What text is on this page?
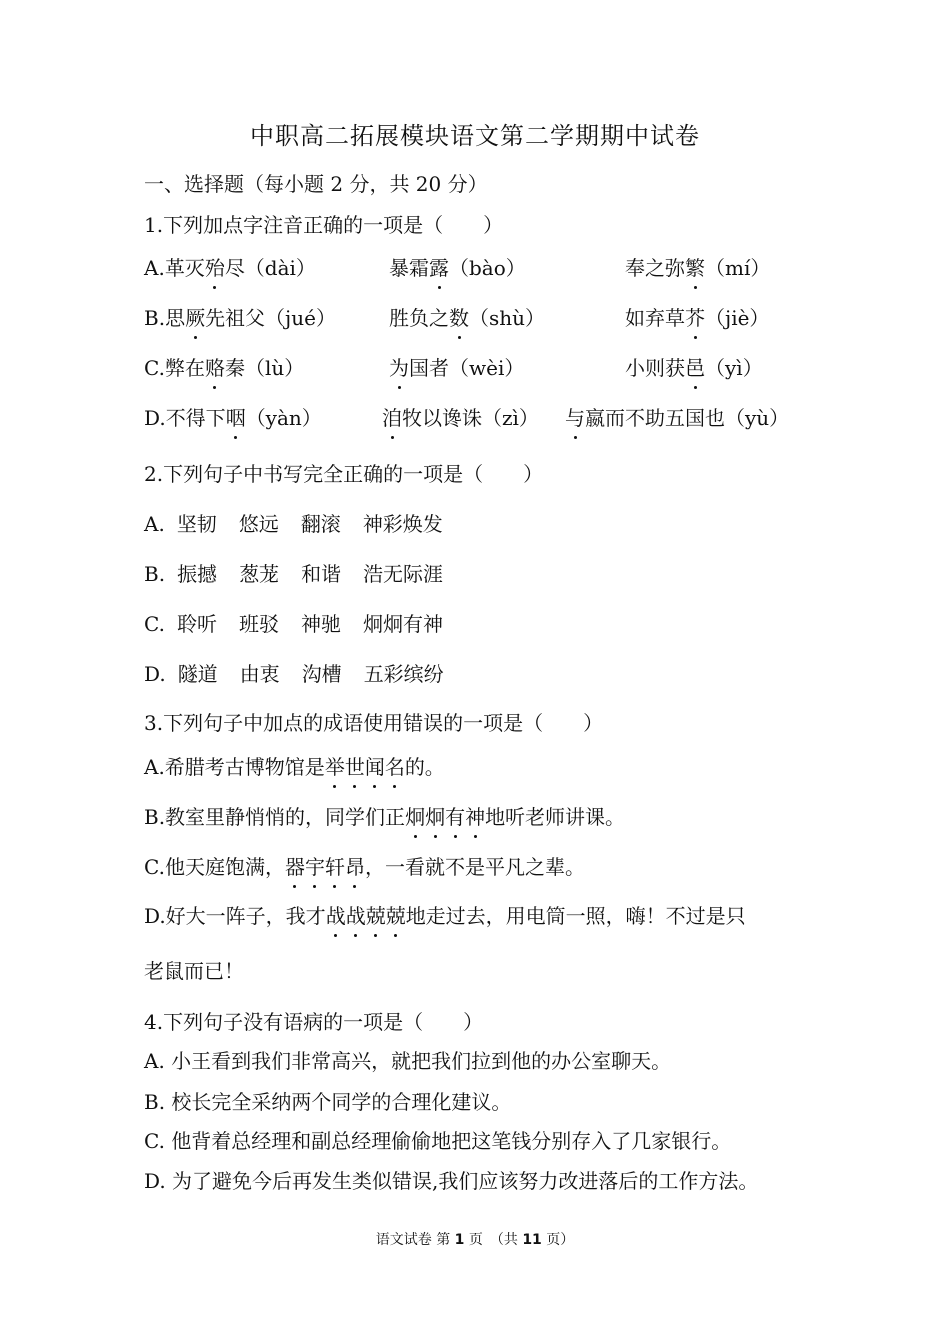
中职高二拓展模块语文第二学期期中试卷
一、选择题（每小题 2 分，共 20 分）
1.下列加点字注音正确的一项是（　　）
A.革灭殆尽（dài）	暴霜露（bào）	奉之弥繁（mí）
B.思厥先祖父（jué）	胜负之数（shù）	如弃草芥（jiè）
C.弊在赂秦（lù）	为国者（wèi）	小则获邑（yì）
D.不得下咽（yàn）	洎牧以谗诛（zì） 与嬴而不助五国也（yù）
2.下列句子中书写完全正确的一项是（　　）
A. 坚韧 悠远 翻滚 神彩焕发
B. 振撼 葱茏 和谐 浩无际涯
C. 聆听 班驳 神驰 炯炯有神
D. 隧道 由衷 沟槽 五彩缤纷
3.下列句子中加点的成语使用错误的一项是（　　）
A.希腊考古博物馆是举世闻名的。
B.教室里静悄悄的，同学们正炯炯有神地听老师讲课。
C.他天庭饱满，器宇轩昂，一看就不是平凡之辈。
D.好大一阵子，我才战战兢兢地走过去，用电筒一照，嗨！不过是只
老鼠而已！
4.下列句子没有语病的一项是（　　）
A. 小王看到我们非常高兴，就把我们拉到他的办公室聊天。
B. 校长完全采纳两个同学的合理化建议。
C. 他背着总经理和副总经理偷偷地把这笔钱分别存入了几家银行。
D. 为了避免今后再发生类似错误,我们应该努力改进落后的工作方法。
语文试卷 第 1 页　（共 11 页）
